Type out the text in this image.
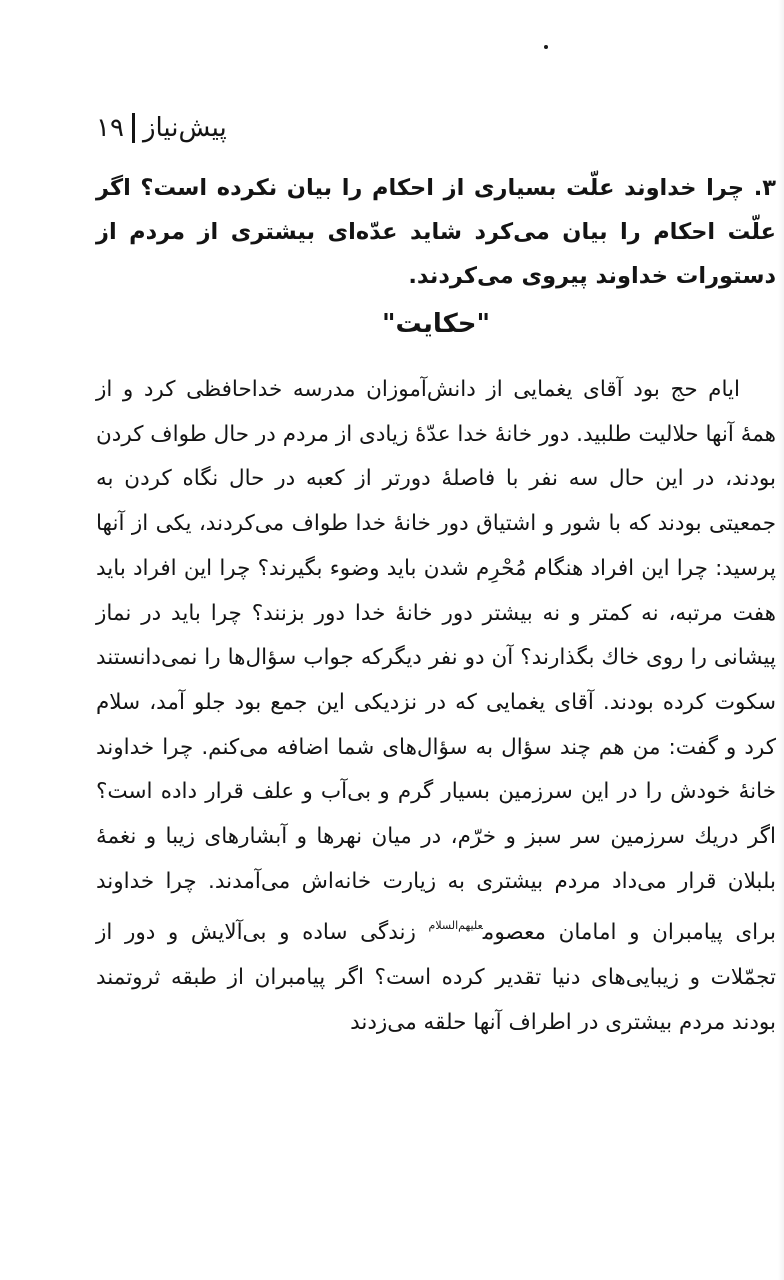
پیش‌نیاز
۱۹
۳. چرا خداوند علّت بسیاری از احکام را بیان نکرده است؟ اگر علّت احکام را بیان می‌کرد شاید عدّه‌ای بیشتری از مردم از دستورات خداوند پیروی می‌کردند.
"حکایت"

ایام حج بود آقای یغمایی از دانش‌آموزان مدرسه خداحافظی کرد و از همهٔ آنها حلالیت طلبید. دور خانهٔ خدا عدّهٔ زیادی از مردم در حال طواف کردن بودند، در این حال سه نفر با فاصلهٔ دورتر از کعبه در حال نگاه کردن به جمعیتی بودند که با شور و اشتیاق دور خانهٔ خدا طواف می‌کردند، یکی از آنها پرسید: چرا این افراد هنگام مُحْرِم شدن باید وضوء بگیرند؟ چرا این افراد باید هفت مرتبه، نه کمتر و نه بیشتر دور خانهٔ خدا دور بزنند؟ چرا باید در نماز پیشانی را روی خاك بگذارند؟ آن دو نفر دیگرکه جواب سؤال‌ها را نمی‌دانستند سکوت کرده بودند. آقای یغمایی که در نزدیکی این جمع بود جلو آمد، سلام کرد و گفت: من هم چند سؤال به سؤال‌های شما اضافه می‌کنم. چرا خداوند خانهٔ خودش را در این سرزمین بسیار گرم و بی‌آب و علف قرار داده است؟ اگر دریك سرزمین سر سبز و خرّم، در میان نهرها و آبشارهای زیبا و نغمهٔ بلبلان قرار می‌داد مردم بیشتری به زیارت خانه‌اش می‌آمدند. چرا خداوند برای پیامبران و امامان معصوم$^{علیهم‌السلام}$ زندگی ساده و بی‌آلایش و دور از تجمّلات و زیبایی‌های دنیا تقدیر کرده است؟ اگر پیامبران از طبقه ثروتمند بودند مردم بیشتری در اطراف آنها حلقه می‌زدند
